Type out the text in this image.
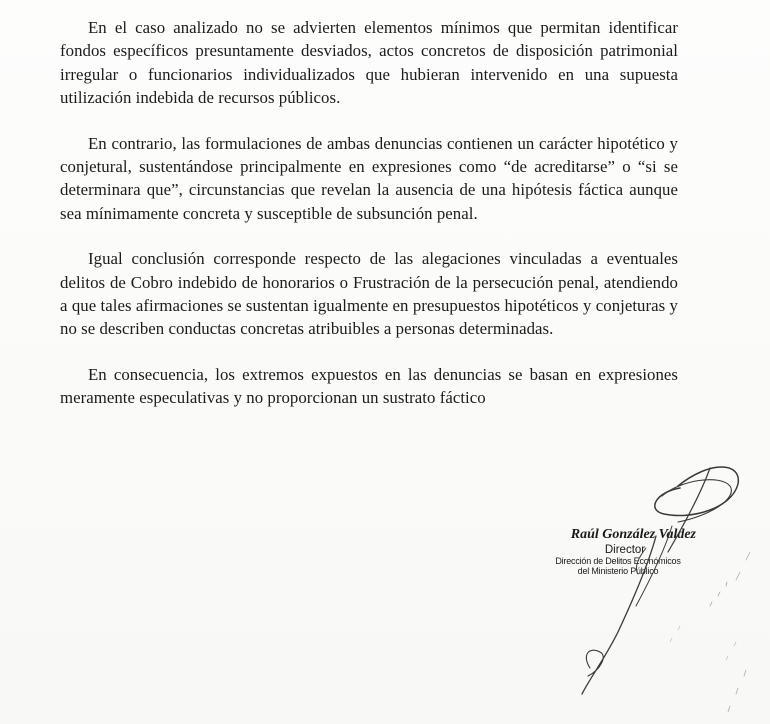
En el caso analizado no se advierten elementos mínimos que permitan identificar fondos específicos presuntamente desviados, actos concretos de disposición patrimonial irregular o funcionarios individualizados que hubieran intervenido en una supuesta utilización indebida de recursos públicos.

En contrario, las formulaciones de ambas denuncias contienen un carácter hipotético y conjetural, sustentándose principalmente en expresiones como “de acreditarse” o “si se determinara que”, circunstancias que revelan la ausencia de una hipótesis fáctica aunque sea mínimamente concreta y susceptible de subsunción penal.

Igual conclusión corresponde respecto de las alegaciones vinculadas a eventuales delitos de Cobro indebido de honorarios o Frustración de la persecución penal, atendiendo a que tales afirmaciones se sustentan igualmente en presupuestos hipotéticos y conjeturas y no se describen conductas concretas atribuibles a personas determinadas.

En consecuencia, los extremos expuestos en las denuncias se basan en expresiones meramente especulativas y no proporcionan un sustrato fáctico

Raúl González Valdez
Director
Dirección de Delitos Económicos
del Ministerio Público
